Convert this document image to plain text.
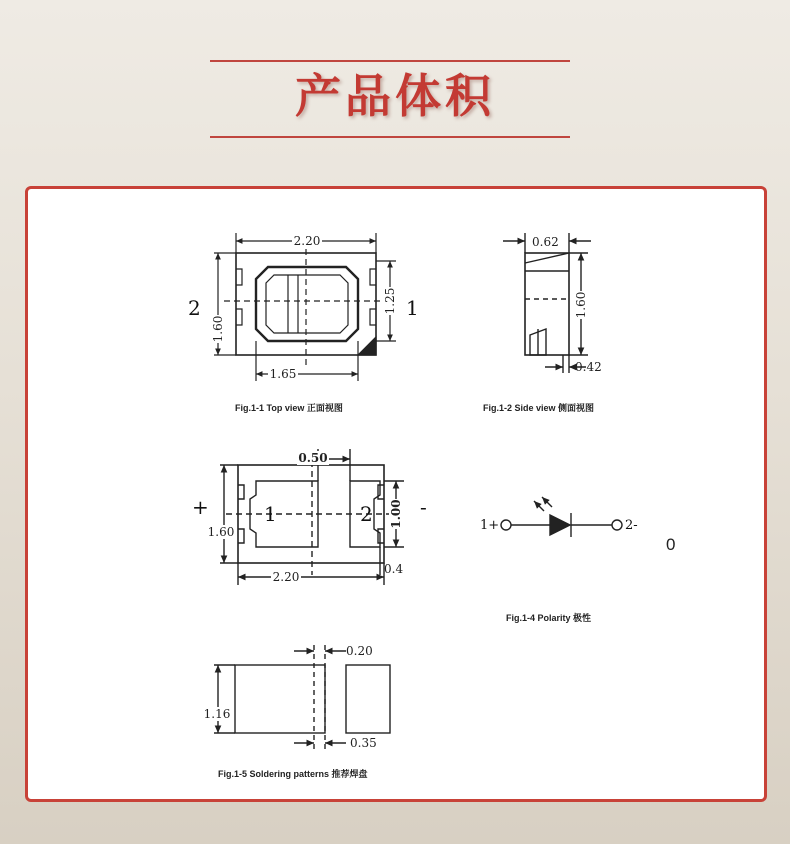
产品体积
2.20
1.60
1.25
1.65
2	1
Fig.1-1 Top view 正面视图
0.62
1.60
0.42
Fig.1-2 Side view 侧面视图
0.50
1.60
1.00
0.4
2.20
1	2
+	-
1+	2-
0
Fig.1-4 Polarity 极性
0.20
1.16
0.35
Fig.1-5 Soldering patterns 推荐焊盘
